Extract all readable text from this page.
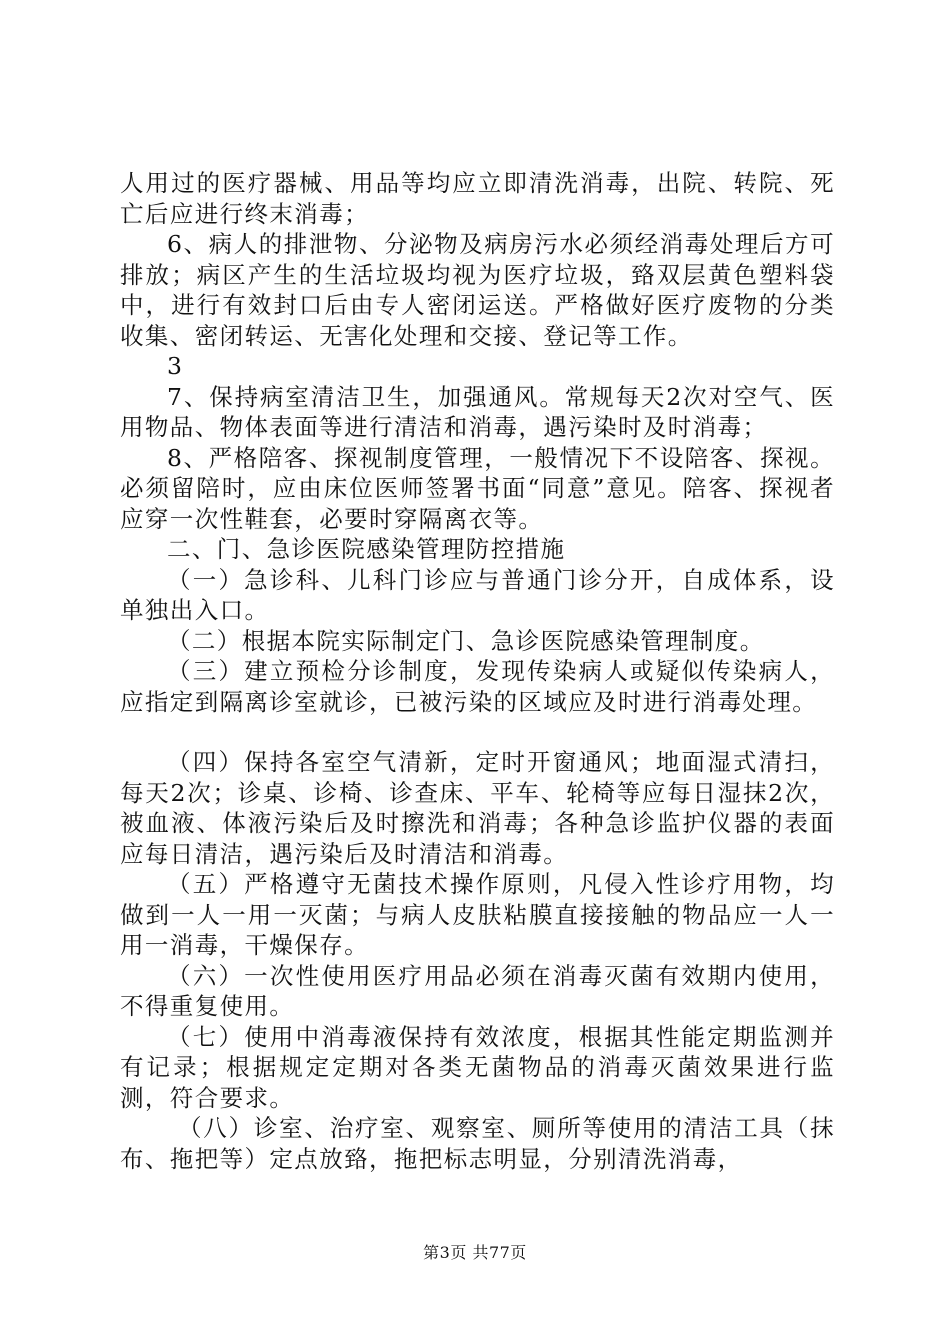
人用过的医疗器械、用品等均应立即清洗消毒，出院、转院、死亡后应进行终末消毒；

6、病人的排泄物、分泌物及病房污水必须经消毒处理后方可排放；病区产生的生活垃圾均视为医疗垃圾，臵双层黄色塑料袋中，进行有效封口后由专人密闭运送。严格做好医疗废物的分类收集、密闭转运、无害化处理和交接、登记等工作。

3

7、保持病室清洁卫生，加强通风。常规每天2次对空气、医用物品、物体表面等进行清洁和消毒，遇污染时及时消毒；

8、严格陪客、探视制度管理，一般情况下不设陪客、探视。必须留陪时，应由床位医师签署书面“同意”意见。陪客、探视者应穿一次性鞋套，必要时穿隔离衣等。

二、门、急诊医院感染管理防控措施

（一）急诊科、儿科门诊应与普通门诊分开，自成体系，设单独出入口。

（二）根据本院实际制定门、急诊医院感染管理制度。

（三）建立预检分诊制度，发现传染病人或疑似传染病人，应指定到隔离诊室就诊，已被污染的区域应及时进行消毒处理。

（四）保持各室空气清新，定时开窗通风；地面湿式清扫，每天2次；诊桌、诊椅、诊查床、平车、轮椅等应每日湿抹2次，被血液、体液污染后及时擦洗和消毒；各种急诊监护仪器的表面应每日清洁，遇污染后及时清洁和消毒。

（五）严格遵守无菌技术操作原则，凡侵入性诊疗用物，均做到一人一用一灭菌；与病人皮肤粘膜直接接触的物品应一人一用一消毒，干燥保存。

（六）一次性使用医疗用品必须在消毒灭菌有效期内使用，不得重复使用。

（七）使用中消毒液保持有效浓度，根据其性能定期监测并有记录；根据规定定期对各类无菌物品的消毒灭菌效果进行监测，符合要求。

（八）诊室、治疗室、观察室、厕所等使用的清洁工具（抹布、拖把等）定点放臵，拖把标志明显，分别清洗消毒，

第3页 共77页
